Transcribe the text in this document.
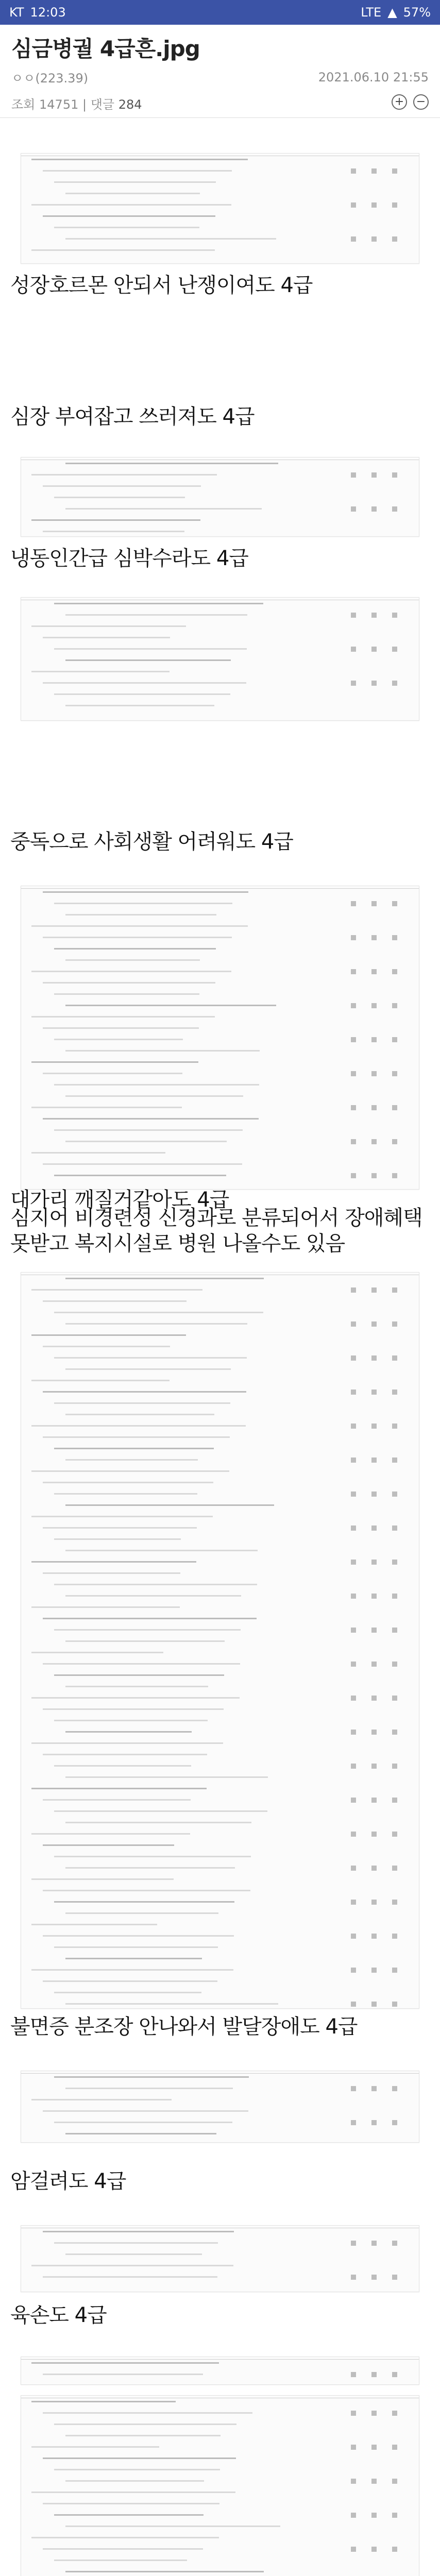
KT 12:03	LTE ▲ 57%
심금병궐 4급흔.jpg
ㅇㅇ(223.39)	2021.06.10 21:55
조회 14751 | 댓글 284	+ −
성장호르몬 안되서 난쟁이여도 4급
심장 부여잡고 쓰러져도 4급
냉동인간급 심박수라도 4급
중독으로 사회생활 어려워도 4급
대가리 깨질거같아도 4급
심지어 비경련성 신경과로 분류되어서 장애혜택 못받고 복지시설로 병원 나올수도 있음
불면증 분조장 안나와서 발달장애도 4급
암걸려도 4급
육손도 4급
